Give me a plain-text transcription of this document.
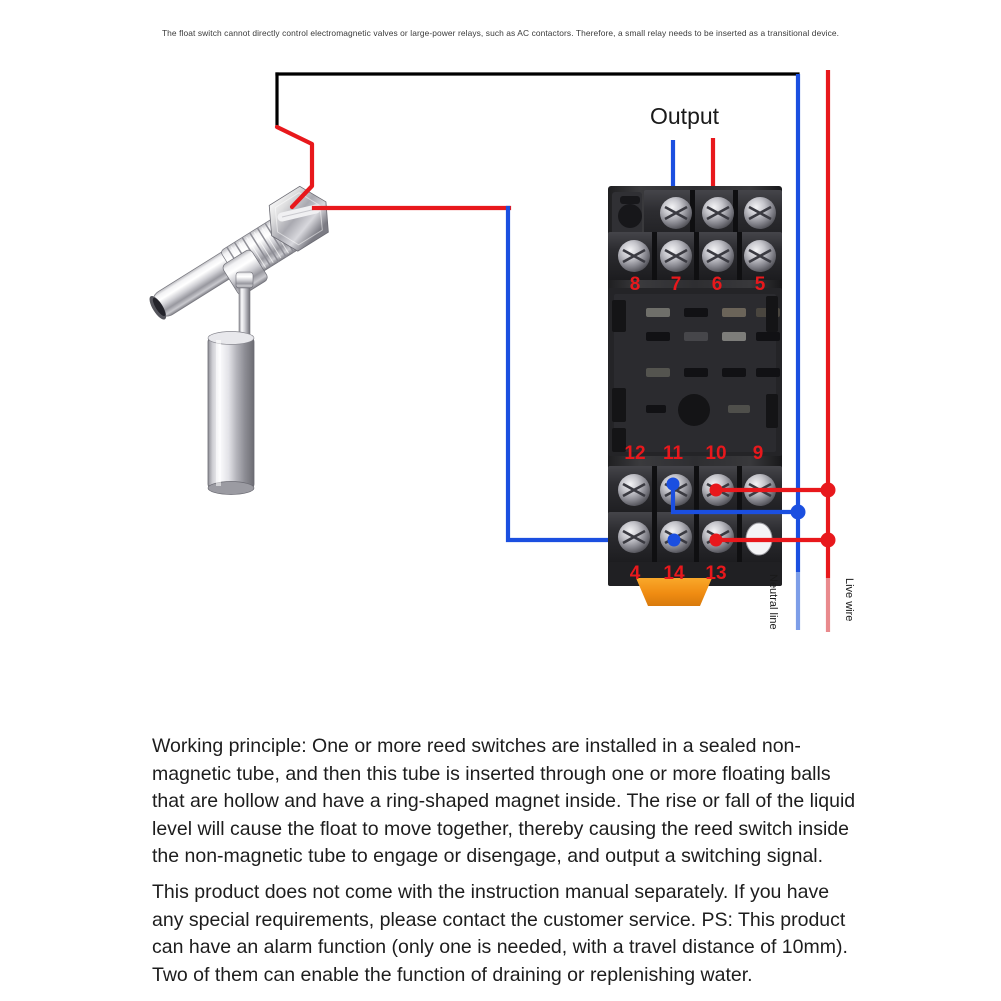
The float switch cannot directly control electromagnetic valves or large-power relays, such as AC contactors. Therefore, a small relay needs to be inserted as a transitional device.
Output
8	7	6	5
12 11	10	9
4	14	13
Neutral line	Live wire
Working principle: One or more reed switches are installed in a sealed non-magnetic tube, and then this tube is inserted through one or more floating balls that are hollow and have a ring-shaped magnet inside. The rise or fall of the liquid level will cause the float to move together, thereby causing the reed switch inside the non-magnetic tube to engage or disengage, and output a switching signal.
This product does not come with the instruction manual separately. If you have any special requirements, please contact the customer service. PS: This product can have an alarm function (only one is needed, with a travel distance of 10mm). Two of them can enable the function of draining or replenishing water.
